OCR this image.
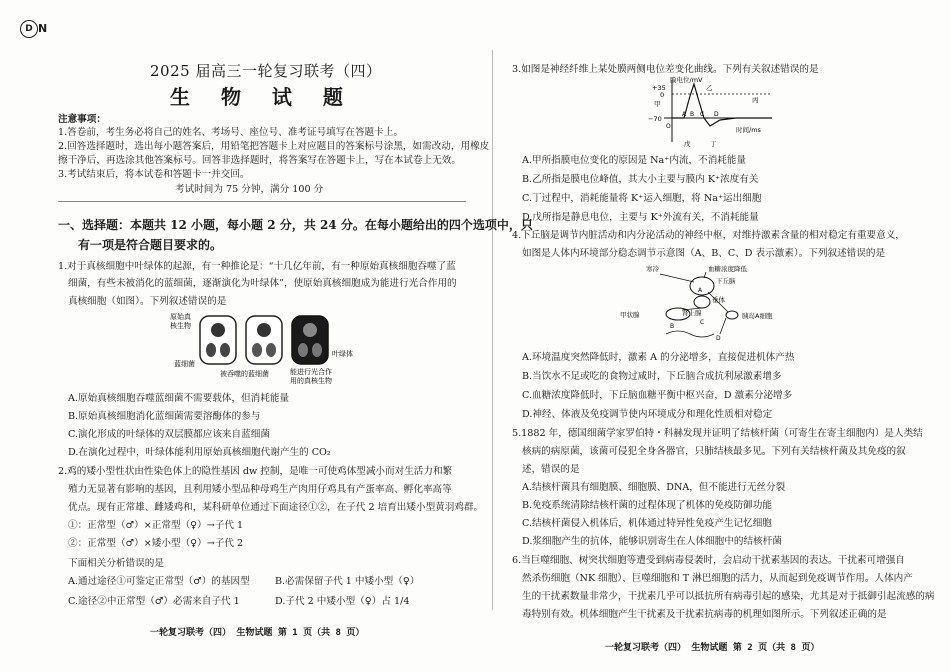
D N
2025 届高三一轮复习联考（四）
生 物 试 题
注意事项：
1.答卷前，考生务必将自己的姓名、考场号、座位号、准考证号填写在答题卡上。
2.回答选择题时，选出每小题答案后，用铅笔把答题卡上对应题目的答案标号涂黑，如需改动，用橡皮
擦干净后，再选涂其他答案标号。回答非选择题时，将答案写在答题卡上，写在本试卷上无效。
3.考试结束后，将本试卷和答题卡一并交回。
考试时间为 75 分钟，满分 100 分
一、选择题：本题共 12 小题，每小题 2 分，共 24 分。在每小题给出的四个选项中，只
有一项是符合题目要求的。
1.对于真核细胞中叶绿体的起源，有一种推论是：“十几亿年前，有一种原始真核细胞吞噬了蓝
细菌，有些未被消化的蓝细菌，逐渐演化为叶绿体”，使原始真核细胞成为能进行光合作用的
真核细胞（如图）。下列叙述错误的是
原始真
核生物
蓝细菌
叶绿体
被吞噬的蓝细菌	能进行光合作
用的真核生物
A.原始真核细胞吞噬蓝细菌不需要载体，但消耗能量
B.原始真核细胞消化蓝细菌需要溶酶体的参与
C.演化形成的叶绿体的双层膜都应该来自蓝细菌
D.在演化过程中，叶绿体能利用原始真核细胞代谢产生的 CO₂
2.鸡的矮小型性状由性染色体上的隐性基因 dw 控制，是唯一可使鸡体型减小而对生活力和繁
殖力无显著有影响的基因，且利用矮小型品种母鸡生产肉用仔鸡具有产蛋率高、孵化率高等
优点。现有正常雄、雌矮鸡和，某科研单位通过下面途径①②，在子代 2 培育出矮小型黄羽鸡群。
①：正常型（♂）×正常型（♀）→子代 1
②：正常型（♂）×矮小型（♀）→子代 2
下面相关分析错误的是
A.通过途径①可鉴定正常型（♂）的基因型	B.必需保留子代 1 中矮小型（♀）
C.途径②中正常型（♂）必需来自子代 1	D.子代 2 中矮小型（♀）占 1/4
一轮复习联考（四） 生物试题 第 1 页（共 8 页）
3.如图是神经纤维上某处膜两侧电位差变化曲线。下列有关叙述错误的是
膜电位/mV
+35
0
−70
甲
乙
丙
A B C D
O
戊	丁
时间/ms
A.甲所指膜电位变化的原因是 Na⁺内流，不消耗能量
B.乙所指是膜电位峰值，其大小主要与膜内 K⁺浓度有关
C.丁过程中，消耗能量将 K⁺运入细胞，将 Na⁺运出细胞
D.戊所指是静息电位，主要与 K⁺外流有关，不消耗能量
4.下丘脑是调节内脏活动和内分泌活动的神经中枢，对维持激素含量的相对稳定有重要意义，
如图是人体内环境部分稳态调节示意图（A、B、C、D 表示激素）。下列叙述错误的是
寒冷	血糖浓度降低
下丘脑
垂体
甲状腺	肾上腺	胰岛A细胞
A
B
C
D
A.环境温度突然降低时，激素 A 的分泌增多，直接促进机体产热
B.当饮水不足或吃的食物过咸时，下丘脑合成抗利尿激素增多
C.血糖浓度降低时，下丘脑血糖平衡中枢兴奋，D 激素分泌增多
D.神经、体液及免疫调节使内环境成分和理化性质相对稳定
5.1882 年，德国细菌学家罗伯特・科赫发现并证明了结核杆菌（可寄生在寄主细胞内）是人类结
核病的病原菌，该菌可侵犯全身各器官，只肺结核最多见。下列有关结核杆菌及其免疫的叙
述，错误的是
A.结核杆菌具有细胞膜、细胞膜、DNA，但不能进行无丝分裂
B.免疫系统清除结核杆菌的过程体现了机体的免疫防御功能
C.结核杆菌侵入机体后，机体通过特异性免疫产生记忆细胞
D.浆细胞产生的抗体，能够识别寄生在人体细胞中的结核杆菌
6.当巨噬细胞、树突状细胞等遭受到病毒侵袭时，会启动干扰素基因的表达。干扰素可增强自
然杀伤细胞（NK 细胞）、巨噬细胞和 T 淋巴细胞的活力，从而起到免疫调节作用。人体内产
生的干扰素数量非常少，干扰素几乎可以抵抗所有病毒引起的感染，尤其是对于抵御引起流感的病
毒特别有效。机体细胞产生干扰素及干扰素抗病毒的机理如图所示。下列叙述正确的是
一轮复习联考（四） 生物试题 第 2 页（共 8 页）
